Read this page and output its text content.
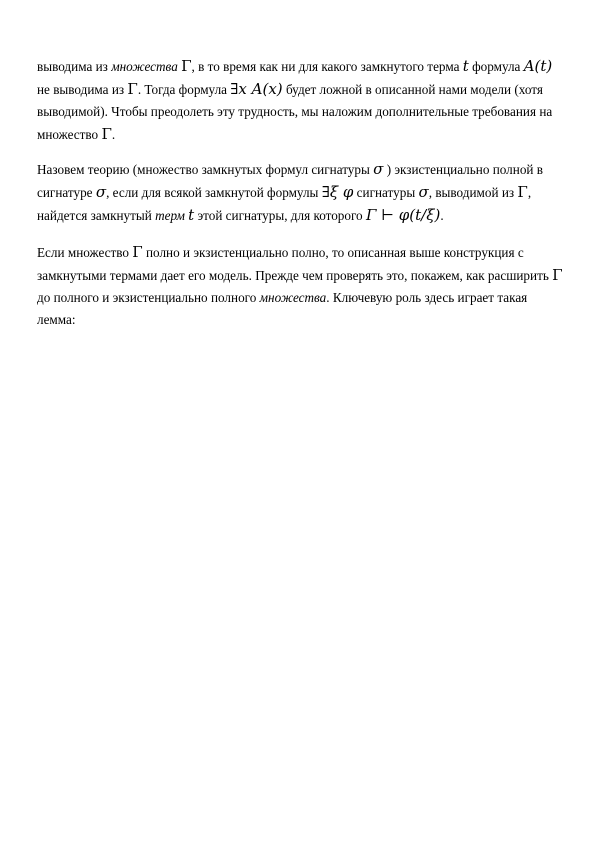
выводима из множества Γ, в то время как ни для какого замкнутого терма t формула A(t) не выводима из Γ. Тогда формула ∃x A(x) будет ложной в описанной нами модели (хотя выводимой). Чтобы преодолеть эту трудность, мы наложим дополнительные требования на множество Γ.

Назовем теорию (множество замкнутых формул сигнатуры σ ) экзистенциально полной в сигнатуре σ, если для всякой замкнутой формулы ∃ξ φ сигнатуры σ, выводимой из Γ, найдется замкнутый терм t этой сигнатуры, для которого Γ ⊢ φ(t/ξ).

Если множество Γ полно и экзистенциально полно, то описанная выше конструкция с замкнутыми термами дает его модель. Прежде чем проверять это, покажем, как расширить Γ до полного и экзистенциально полного множества. Ключевую роль здесь играет такая лемма:
